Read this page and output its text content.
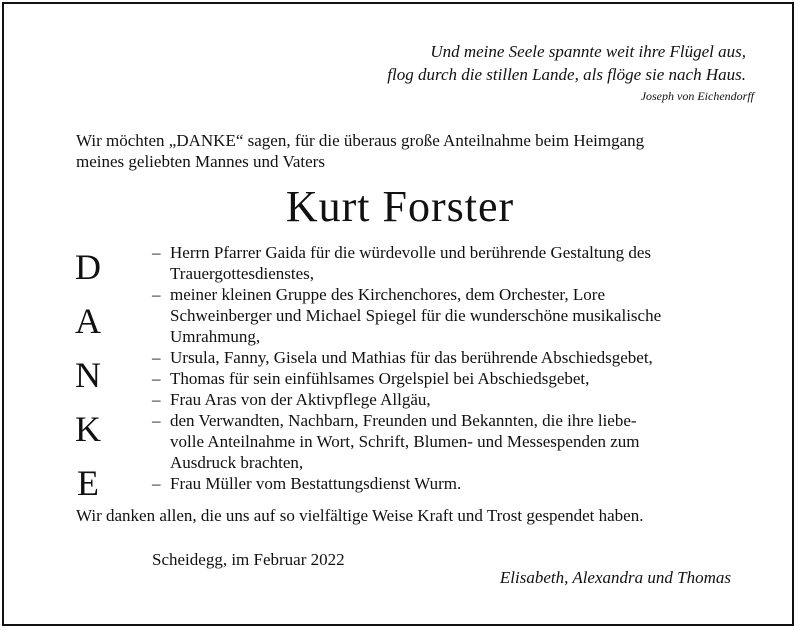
Und meine Seele spannte weit ihre Flügel aus,
flog durch die stillen Lande, als flöge sie nach Haus.
Joseph von Eichendorff
Wir möchten „DANKE“ sagen, für die überaus große Anteilnahme beim Heimgang
meines geliebten Mannes und Vaters
Kurt Forster
D
A
N
K
E
– Herrn Pfarrer Gaida für die würdevolle und berührende Gestaltung des
Trauergottesdienstes,
– meiner kleinen Gruppe des Kirchenchores, dem Orchester, Lore
Schweinberger und Michael Spiegel für die wunderschöne musikalische
Umrahmung,
– Ursula, Fanny, Gisela und Mathias für das berührende Abschiedsgebet,
– Thomas für sein einfühlsames Orgelspiel bei Abschiedsgebet,
– Frau Aras von der Aktivpflege Allgäu,
– den Verwandten, Nachbarn, Freunden und Bekannten, die ihre liebe-
volle Anteilnahme in Wort, Schrift, Blumen- und Messespenden zum
Ausdruck brachten,
– Frau Müller vom Bestattungsdienst Wurm.
Wir danken allen, die uns auf so vielfältige Weise Kraft und Trost gespendet haben.
Scheidegg, im Februar 2022
Elisabeth, Alexandra und Thomas
